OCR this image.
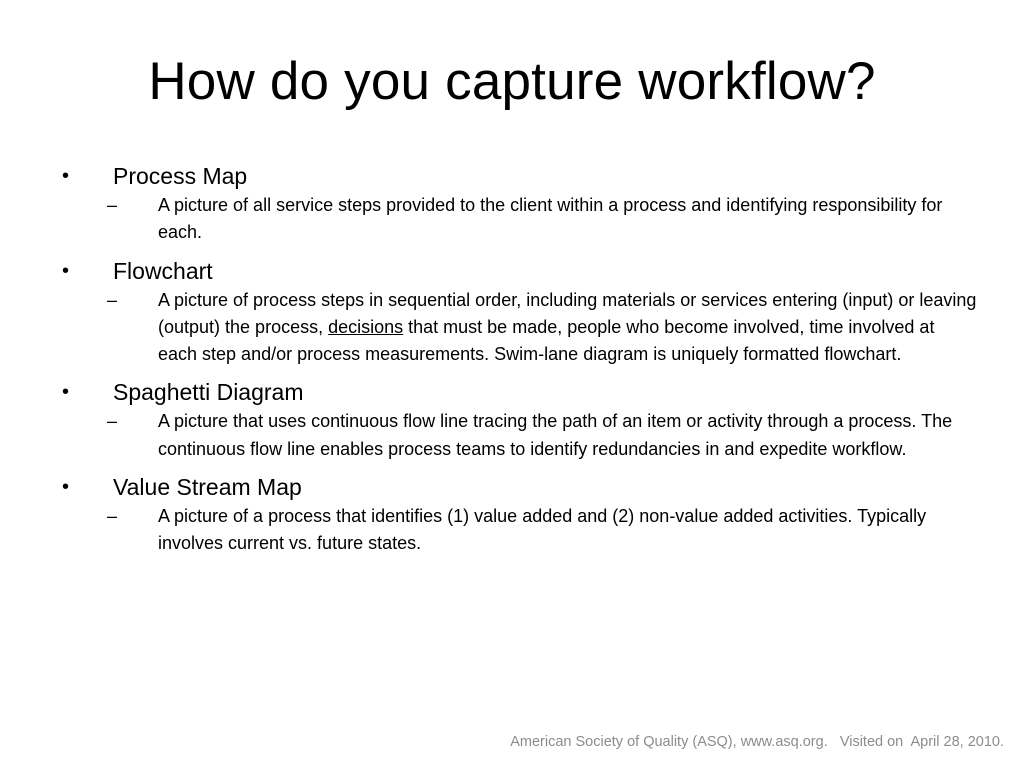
How do you capture workflow?
•	Process Map
– A picture of all service steps provided to the client within a process and identifying responsibility for each.
•	Flowchart
– A picture of process steps in sequential order, including materials or services entering (input) or leaving (output) the process, decisions that must be made, people who become involved, time involved at each step and/or process measurements. Swim-lane diagram is uniquely formatted flowchart.
•	Spaghetti Diagram
– A picture that uses continuous flow line tracing the path of an item or activity through a process. The continuous flow line enables process teams to identify redundancies in and expedite workflow.
•	Value Stream Map
– A picture of a process that identifies (1) value added and (2) non-value added activities. Typically involves current vs. future states.
American Society of Quality (ASQ), www.asq.org.   Visited on  April 28, 2010.
